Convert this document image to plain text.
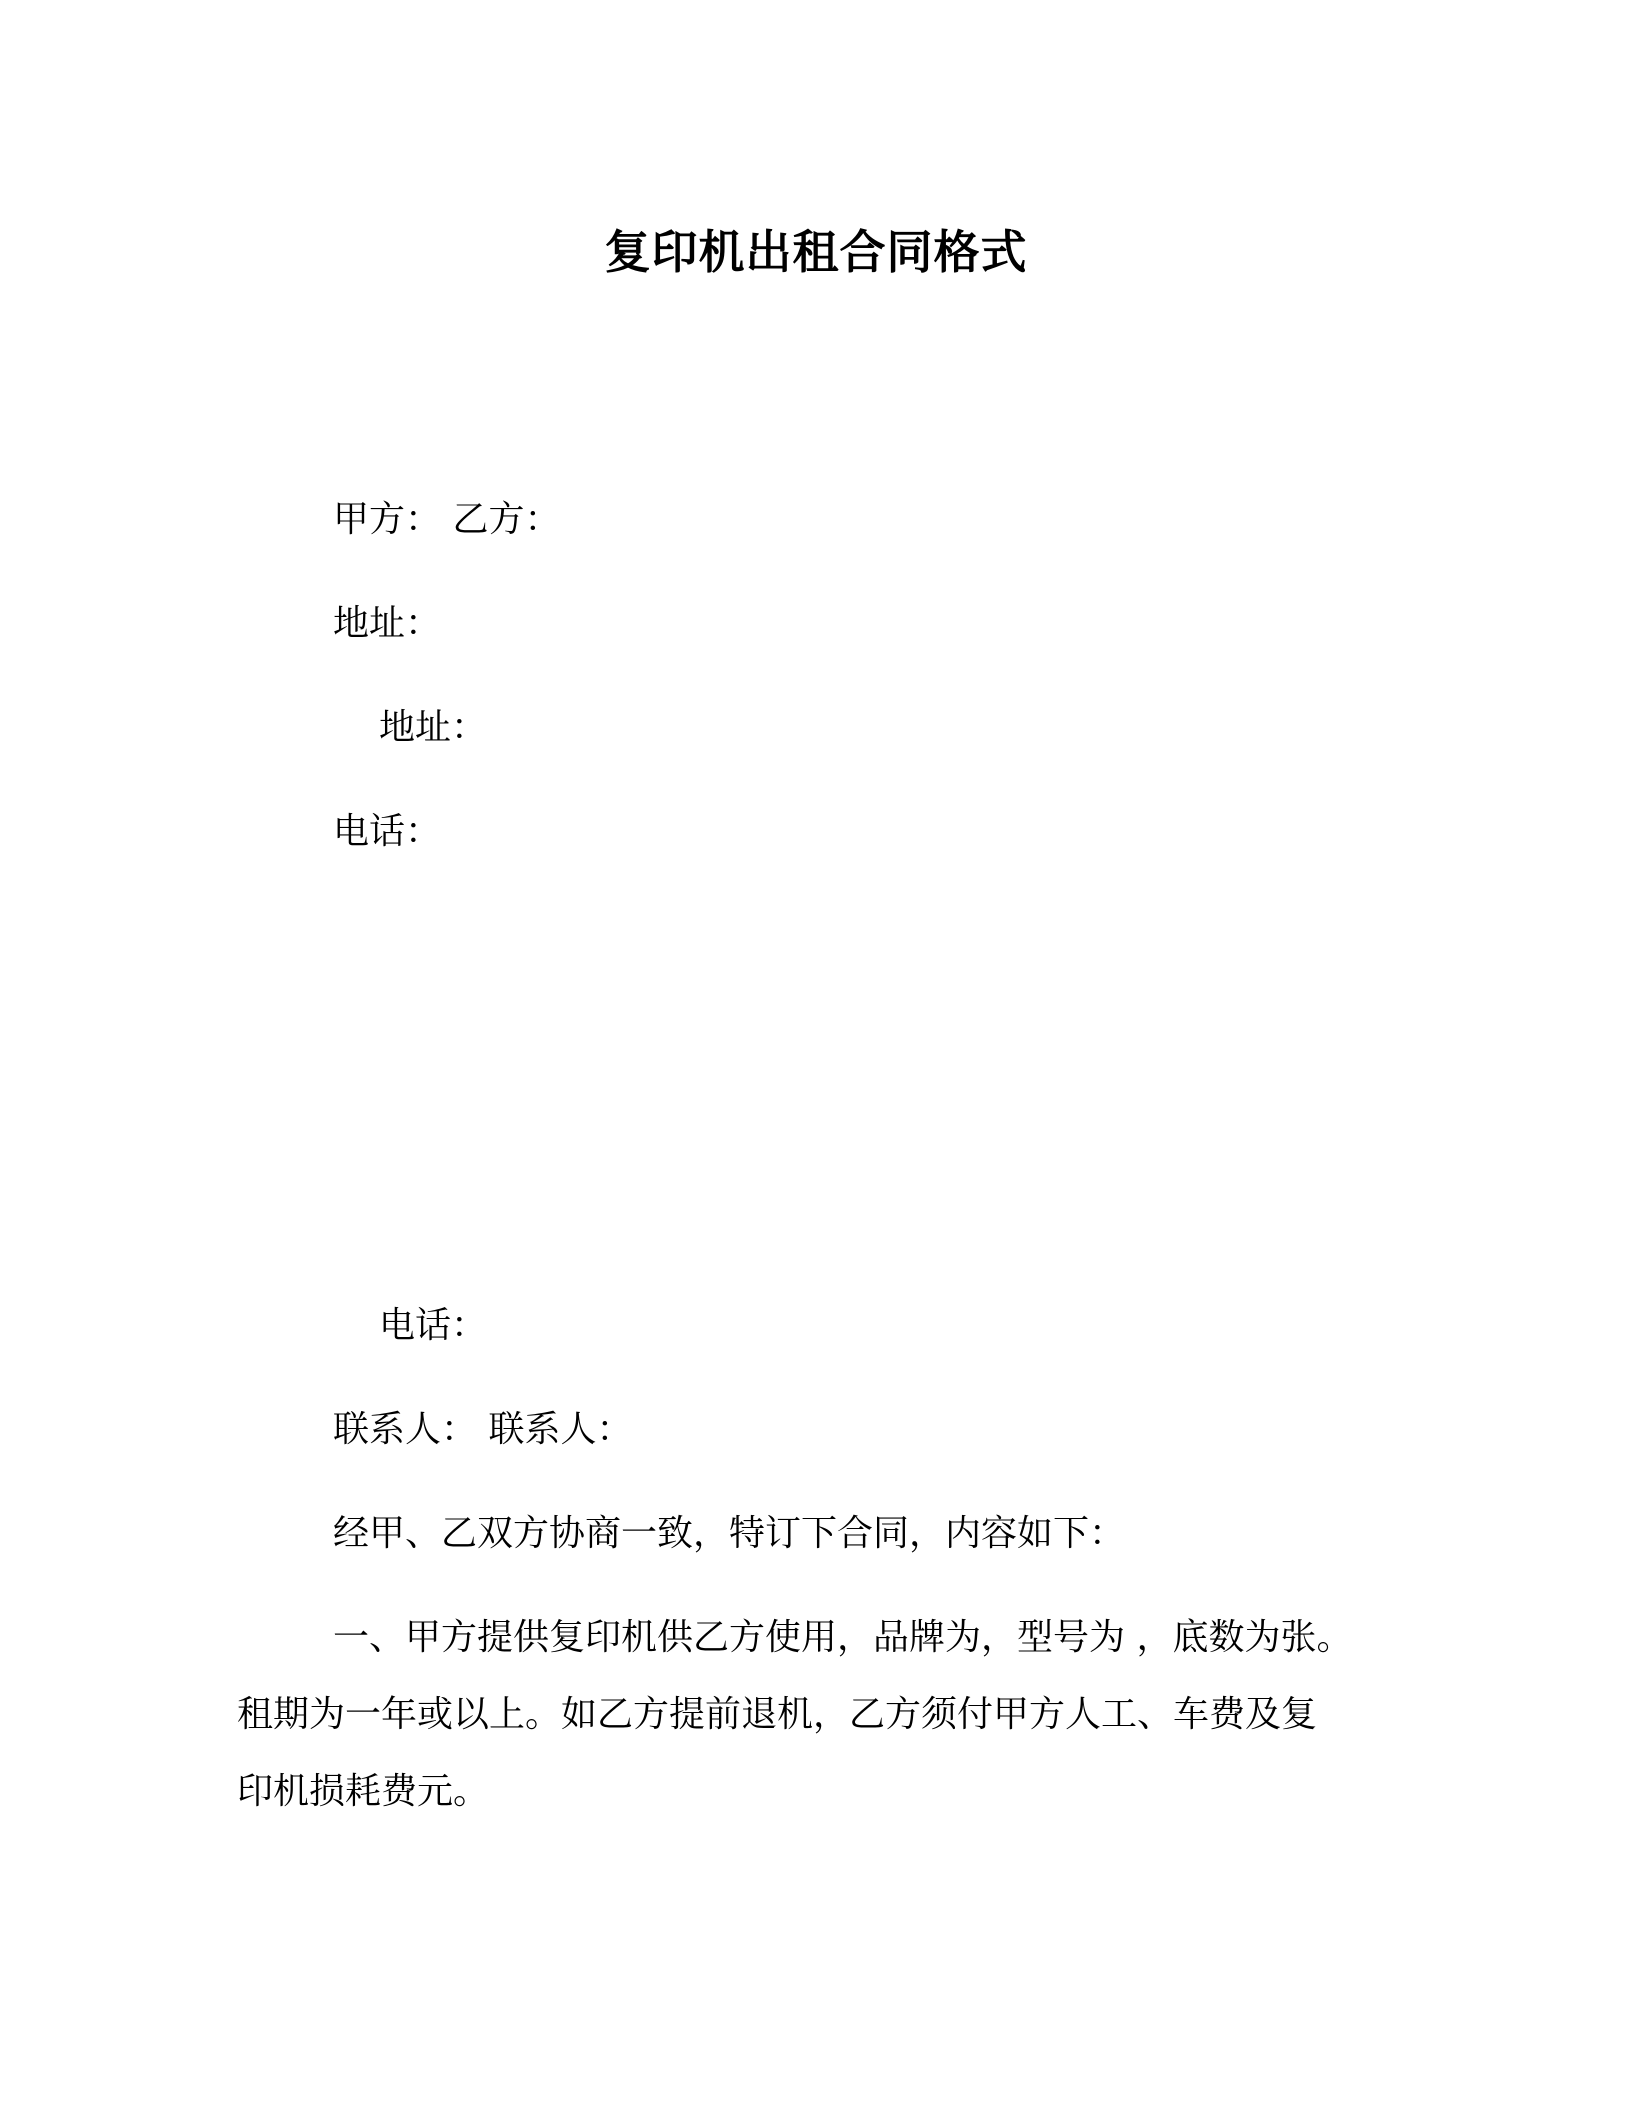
复印机出租合同格式
甲方： 乙方：
地址：
地址：
电话：
电话：
联系人： 联系人：
经甲、乙双方协商一致，特订下合同，内容如下：
一、甲方提供复印机供乙方使用，品牌为，型号为 ，底数为张。
租期为一年或以上。如乙方提前退机，乙方须付甲方人工、车费及复
印机损耗费元。
